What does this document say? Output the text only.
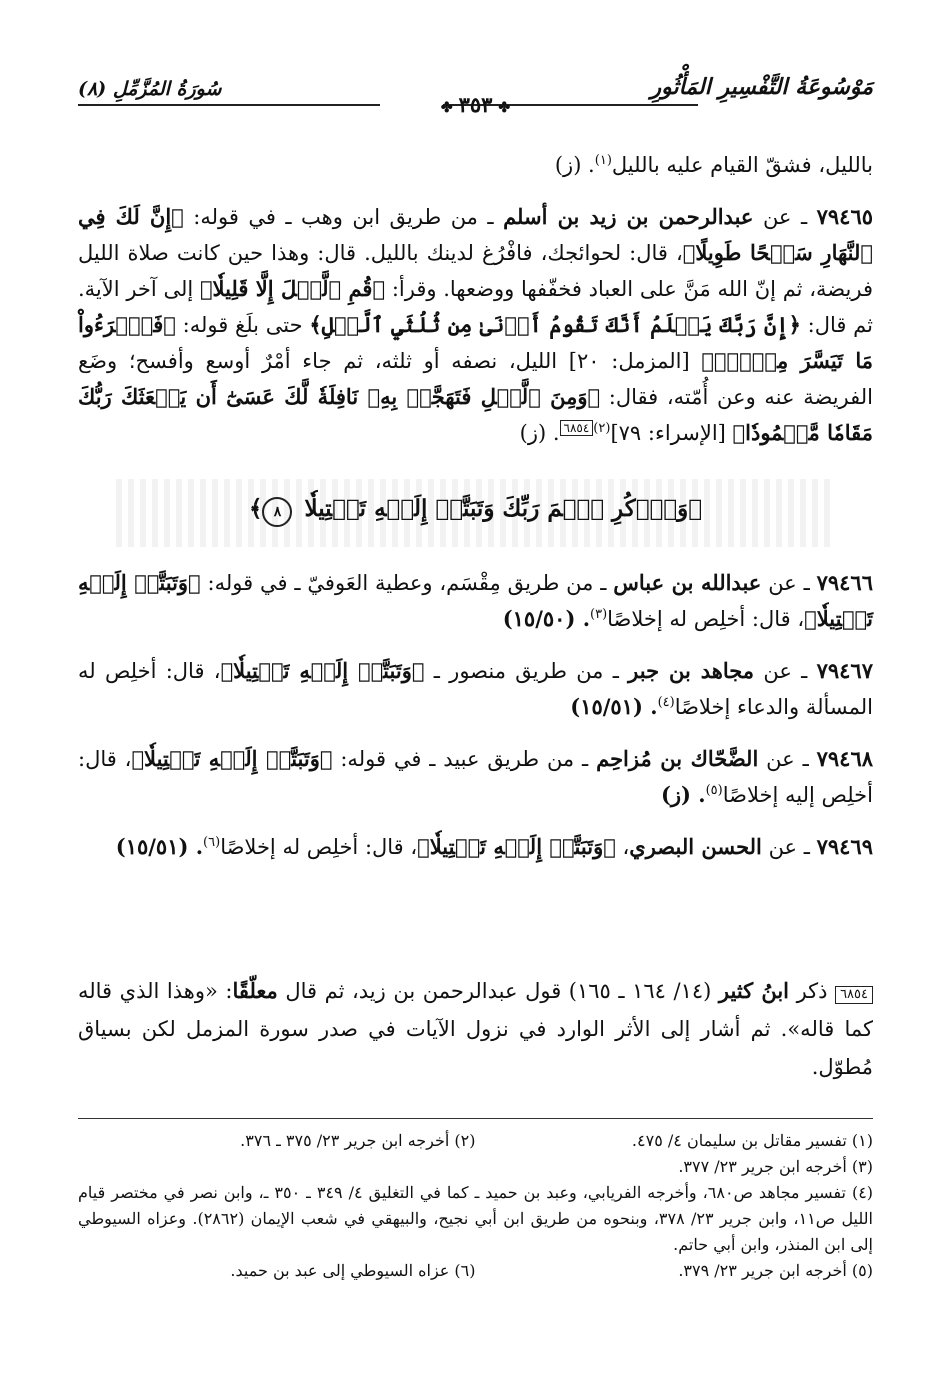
مَوْسُوعَةُ التَّفْسِيرِ المَأْثُورِ
✤٣٥٣✤
سُورَةُ المُزَّمِّلِ (٨)

بالليل، فشقّ القيام عليه بالليل$^{(١)}$. (ز)

٧٩٤٦٥ ـ عن عبدالرحمن بن زيد بن أسلم ـ من طريق ابن وهب ـ في قوله: ﴿إِنَّ لَكَ فِي ٱلنَّهَارِ سَبۡحًا طَوِيلًا﴾، قال: لحوائجك، فافْرُغ لدينك بالليل. قال: وهذا حين كانت صلاة الليل فريضة، ثم إنّ الله مَنَّ على العباد فخفّفها ووضعها. وقرأ: ﴿قُمِ ٱلَّيۡلَ إِلَّا قَلِيلٗا﴾ إلى آخر الآية. ثم قال: ﴿إِنَّ رَبَّكَ يَعۡلَمُ أَنَّكَ تَقُومُ أَدۡنَىٰ مِن ثُلُثَيِ ٱلَّيۡلِ﴾ حتى بلَغ قوله: ﴿فَٱقۡرَءُواْ مَا تَيَسَّرَ مِنۡهُۚ﴾ [المزمل: ٢٠] الليل، نصفه أو ثلثه، ثم جاء أمْرٌ أوسع وأفسح؛ وضَع الفريضة عنه وعن أُمّته، فقال: ﴿وَمِنَ ٱلَّيۡلِ فَتَهَجَّدۡ بِهِۦ نَافِلَةٗ لَّكَ عَسَىٰٓ أَن يَبۡعَثَكَ رَبُّكَ مَقَامٗا مَّحۡمُودٗا﴾ [الإسراء: ٧٩]$^{(٢)}$٦٨٥٤. (ز)

﴿وَٱذۡكُرِ ٱسۡمَ رَبِّكَ وَتَبَتَّلۡ إِلَيۡهِ تَبۡتِيلٗا ٨﴾

٧٩٤٦٦ ـ عن عبدالله بن عباس ـ من طريق مِقْسَم، وعطية العَوفيّ ـ في قوله: ﴿وَتَبَتَّلۡ إِلَيۡهِ تَبۡتِيلٗا﴾، قال: أخلِص له إخلاصًا$^{(٣)}$. (١٥/٥٠)

٧٩٤٦٧ ـ عن مجاهد بن جبر ـ من طريق منصور ـ ﴿وَتَبَتَّلۡ إِلَيۡهِ تَبۡتِيلٗا﴾، قال: أخلِص له المسألة والدعاء إخلاصًا$^{(٤)}$. (١٥/٥١)

٧٩٤٦٨ ـ عن الضَّحّاك بن مُزاحِم ـ من طريق عبيد ـ في قوله: ﴿وَتَبَتَّلۡ إِلَيۡهِ تَبۡتِيلٗا﴾، قال: أخلِص إليه إخلاصًا$^{(٥)}$. (ز)

٧٩٤٦٩ ـ عن الحسن البصري، ﴿وَتَبَتَّلۡ إِلَيۡهِ تَبۡتِيلٗا﴾، قال: أخلِص له إخلاصًا$^{(٦)}$. (١٥/٥١)

٦٨٥٤ ذكر ابنُ كثير (١٤/ ١٦٤ ـ ١٦٥) قول عبدالرحمن بن زيد، ثم قال معلّقًا: «وهذا الذي قاله كما قاله». ثم أشار إلى الأثر الوارد في نزول الآيات في صدر سورة المزمل لكن بسياق مُطوّل.

(١) تفسير مقاتل بن سليمان ٤/ ٤٧٥.
(٢) أخرجه ابن جرير ٢٣/ ٣٧٥ ـ ٣٧٦.
(٣) أخرجه ابن جرير ٢٣/ ٣٧٧.
(٤) تفسير مجاهد ص٦٨٠، وأخرجه الفريابي، وعبد بن حميد ـ كما في التغليق ٤/ ٣٤٩ ـ ٣٥٠ ـ، وابن نصر في مختصر قيام الليل ص١١، وابن جرير ٢٣/ ٣٧٨، وبنحوه من طريق ابن أبي نجيح، والبيهقي في شعب الإيمان (٢٨٦٢). وعزاه السيوطي إلى ابن المنذر، وابن أبي حاتم.
(٥) أخرجه ابن جرير ٢٣/ ٣٧٩.
(٦) عزاه السيوطي إلى عبد بن حميد.
